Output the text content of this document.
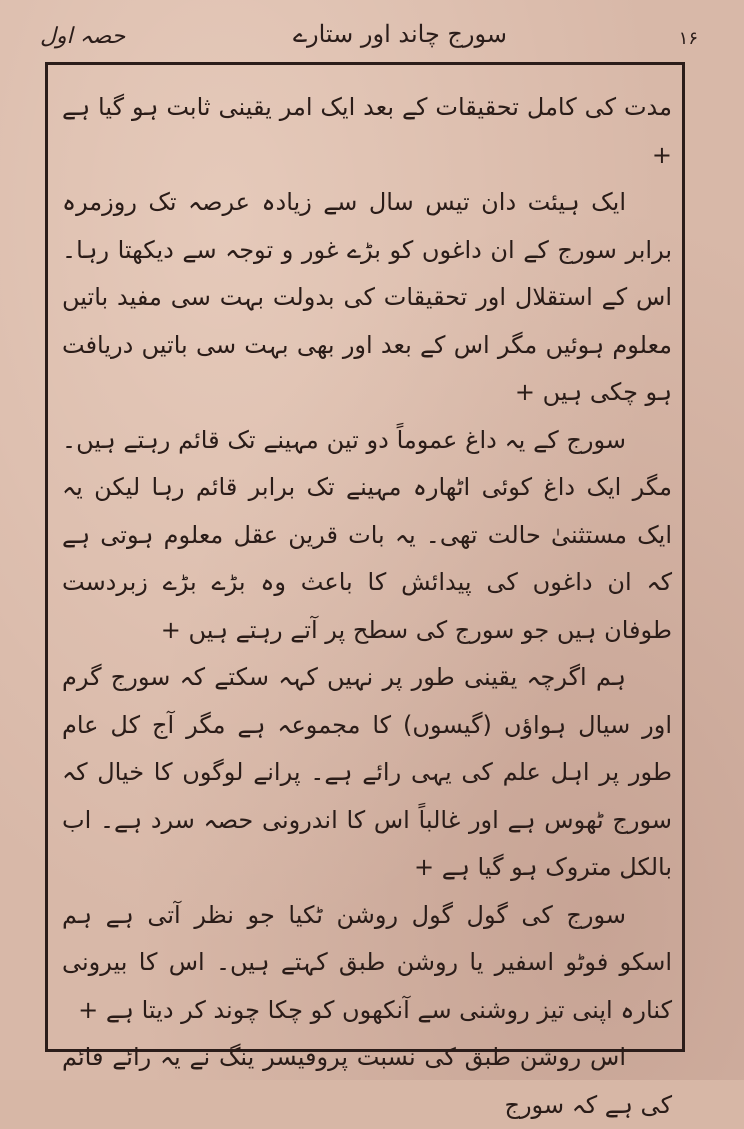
حصہ اول	سورج چاند اور ستارے	۱۶

مدت کی کامل تحقیقات کے بعد ایک امر یقینی ثابت ہو گیا ہے +

ایک ہیئت دان تیس سال سے زیادہ عرصہ تک روزمرہ برابر سورج کے ان داغوں کو بڑے غور و توجہ سے دیکھتا رہا۔ اس کے استقلال اور تحقیقات کی بدولت بہت سی مفید باتیں معلوم ہوئیں مگر اس کے بعد اور بھی بہت سی باتیں دریافت ہو چکی ہیں +

سورج کے یہ داغ عموماً دو تین مہینے تک قائم رہتے ہیں۔ مگر ایک داغ کوئی اٹھارہ مہینے تک برابر قائم رہا لیکن یہ ایک مستثنیٰ حالت تھی۔ یہ بات قرین عقل معلوم ہوتی ہے کہ ان داغوں کی پیدائش کا باعث وہ بڑے بڑے زبردست طوفان ہیں جو سورج کی سطح پر آتے رہتے ہیں +

ہم اگرچہ یقینی طور پر نہیں کہہ سکتے کہ سورج گرم اور سیال ہواؤں (گیسوں) کا مجموعہ ہے مگر آج کل عام طور پر اہل علم کی یہی رائے ہے۔ پرانے لوگوں کا خیال کہ سورج ٹھوس ہے اور غالباً اس کا اندرونی حصہ سرد ہے۔ اب بالکل متروک ہو گیا ہے +

سورج کی گول گول روشن ٹکیا جو نظر آتی ہے ہم اسکو فوٹو اسفیر یا روشن طبق کہتے ہیں۔ اس کا بیرونی کنارہ اپنی تیز روشنی سے آنکھوں کو چکا چوند کر دیتا ہے +

اس روشن طبق کی نسبت پروفیسر ینگ نے یہ رائے قائم کی ہے کہ سورج
